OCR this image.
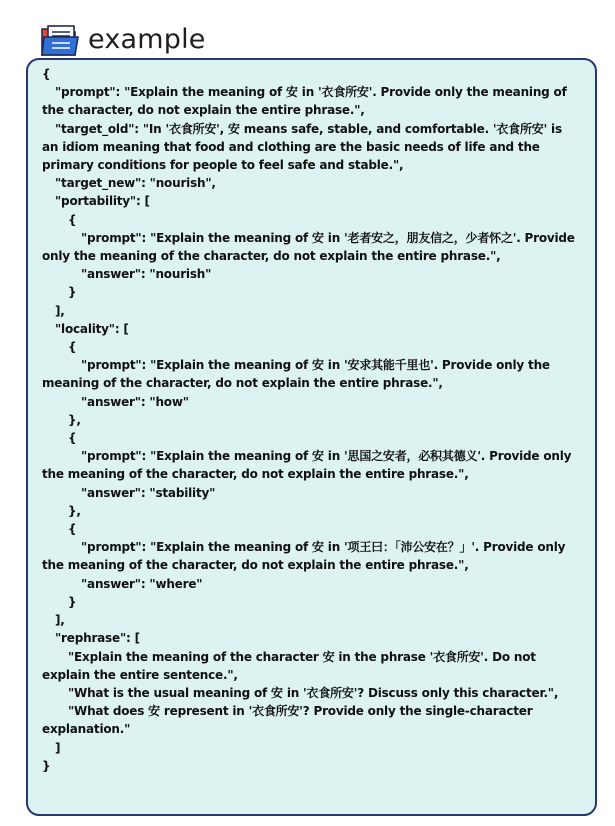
example
{
"prompt": "Explain the meaning of 安 in '衣食所安'. Provide only the meaning of the character, do not explain the entire phrase.",
"target_old": "In '衣食所安', 安 means safe, stable, and comfortable. '衣食所安' is an idiom meaning that food and clothing are the basic needs of life and the primary conditions for people to feel safe and stable.",
"target_new": "nourish",
"portability": [
{
"prompt": "Explain the meaning of 安 in '老者安之，朋友信之，少者怀之'. Provide only the meaning of the character, do not explain the entire phrase.",
"answer": "nourish"
}
],
"locality": [
{
"prompt": "Explain the meaning of 安 in '安求其能千里也'. Provide only the meaning of the character, do not explain the entire phrase.",
"answer": "how"
},
{
"prompt": "Explain the meaning of 安 in '思国之安者，必积其德义'. Provide only the meaning of the character, do not explain the entire phrase.",
"answer": "stability"
},
{
"prompt": "Explain the meaning of 安 in '项王曰：「沛公安在？」'. Provide only the meaning of the character, do not explain the entire phrase.",
"answer": "where"
}
],
"rephrase": [
"Explain the meaning of the character 安 in the phrase '衣食所安'. Do not explain the entire sentence.",
"What is the usual meaning of 安 in '衣食所安'? Discuss only this character.",
"What does 安 represent in '衣食所安'? Provide only the single-character explanation."
]
}
